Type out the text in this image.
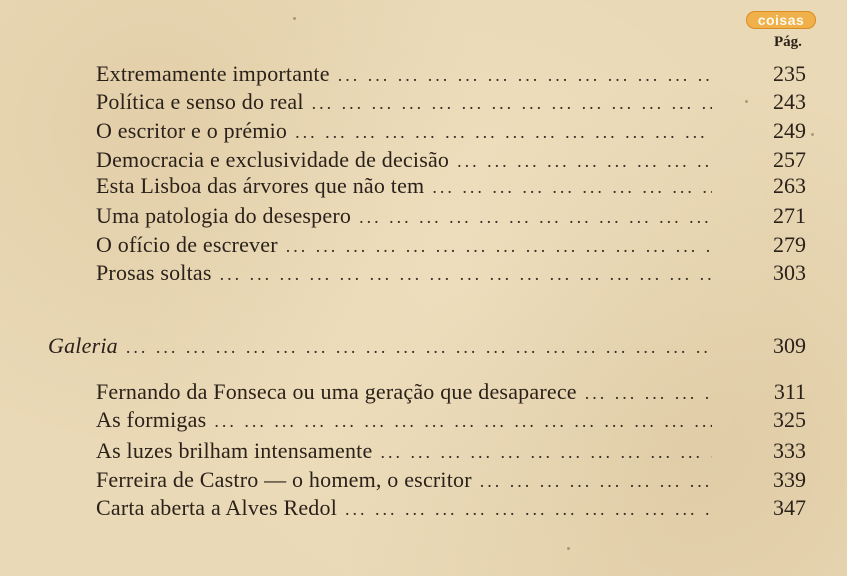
coisas
Pág.
Extremamente importante ... .	235
Política e senso do real ... .	243
O escritor e o prémio ... .	249
Democracia e exclusividade de decisão ... .	257
Esta Lisboa das árvores que não tem ... .	263
Uma patologia do desespero ... .	271
O ofício de escrever ... .	279
Prosas soltas ... .	303
Galeria ... .	309
Fernando da Fonseca ou uma geração que desaparece ... .	311
As formigas ... .	325
As luzes brilham intensamente ... .	333
Ferreira de Castro — o homem, o escritor ... .	339
Carta aberta a Alves Redol ... .	347
